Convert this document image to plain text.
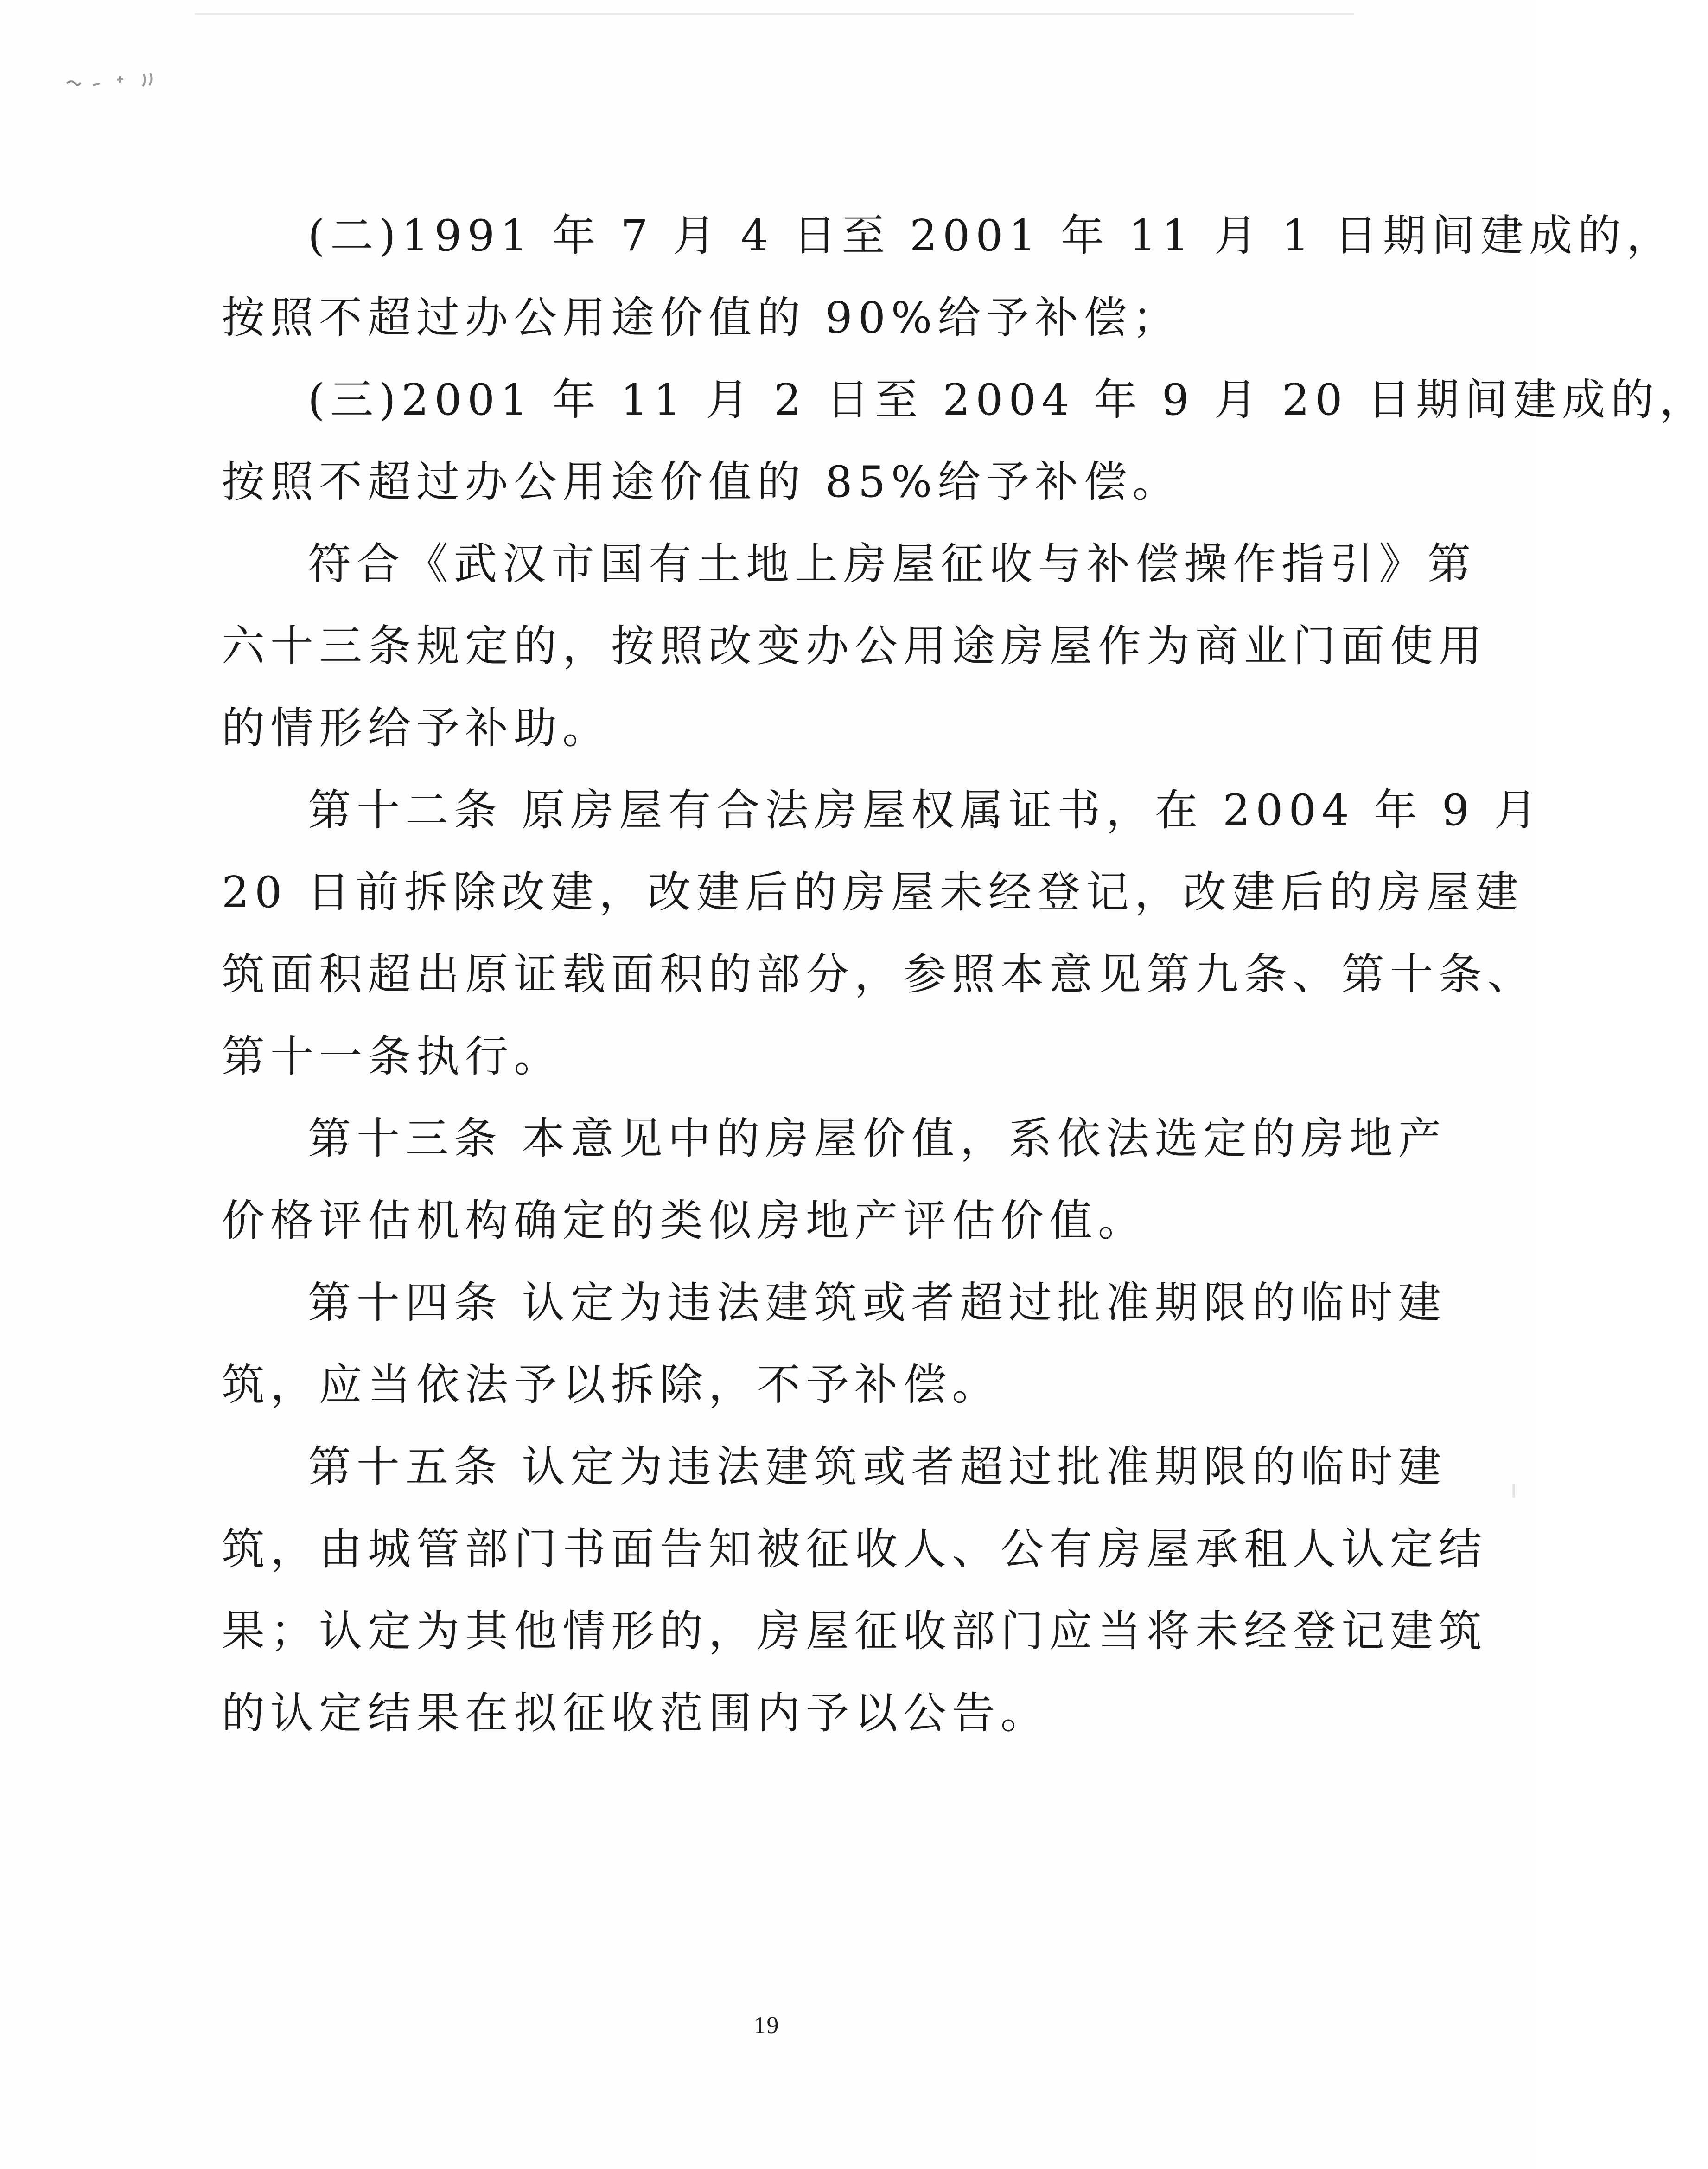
(二)1991 年 7 月 4 日至 2001 年 11 月 1 日期间建成的，
按照不超过办公用途价值的 90%给予补偿；

(三)2001 年 11 月 2 日至 2004 年 9 月 20 日期间建成的，
按照不超过办公用途价值的 85%给予补偿。

符合《武汉市国有土地上房屋征收与补偿操作指引》第
六十三条规定的，按照改变办公用途房屋作为商业门面使用
的情形给予补助。

第十二条 原房屋有合法房屋权属证书，在 2004 年 9 月
20 日前拆除改建，改建后的房屋未经登记，改建后的房屋建
筑面积超出原证载面积的部分，参照本意见第九条、第十条、
第十一条执行。

第十三条 本意见中的房屋价值，系依法选定的房地产
价格评估机构确定的类似房地产评估价值。

第十四条 认定为违法建筑或者超过批准期限的临时建
筑，应当依法予以拆除，不予补偿。

第十五条 认定为违法建筑或者超过批准期限的临时建
筑，由城管部门书面告知被征收人、公有房屋承租人认定结
果；认定为其他情形的，房屋征收部门应当将未经登记建筑
的认定结果在拟征收范围内予以公告。

19
